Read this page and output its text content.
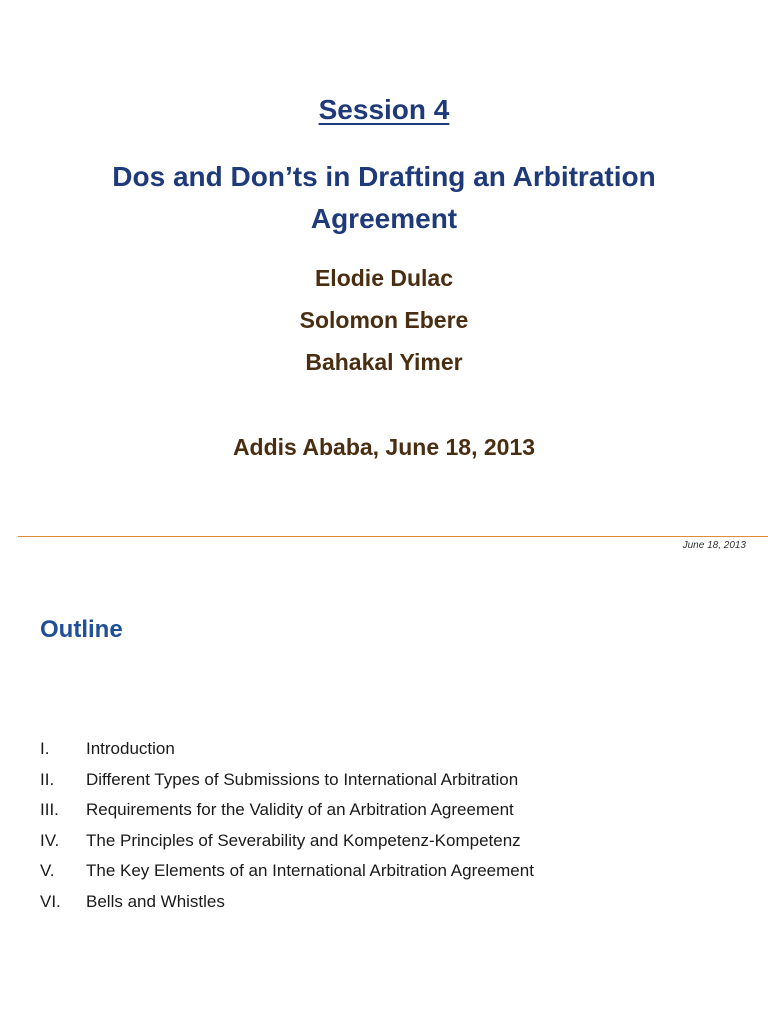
Session 4
Dos and Don’ts in Drafting an Arbitration Agreement
Elodie Dulac
Solomon Ebere
Bahakal Yimer
Addis Ababa, June 18, 2013
June 18, 2013
Outline
I.	Introduction
II.	Different Types of Submissions to International Arbitration
III.	Requirements for the Validity of an Arbitration Agreement
IV.	The Principles of Severability and Kompetenz-Kompetenz
V.	The Key Elements of an International Arbitration Agreement
VI.	Bells and Whistles
